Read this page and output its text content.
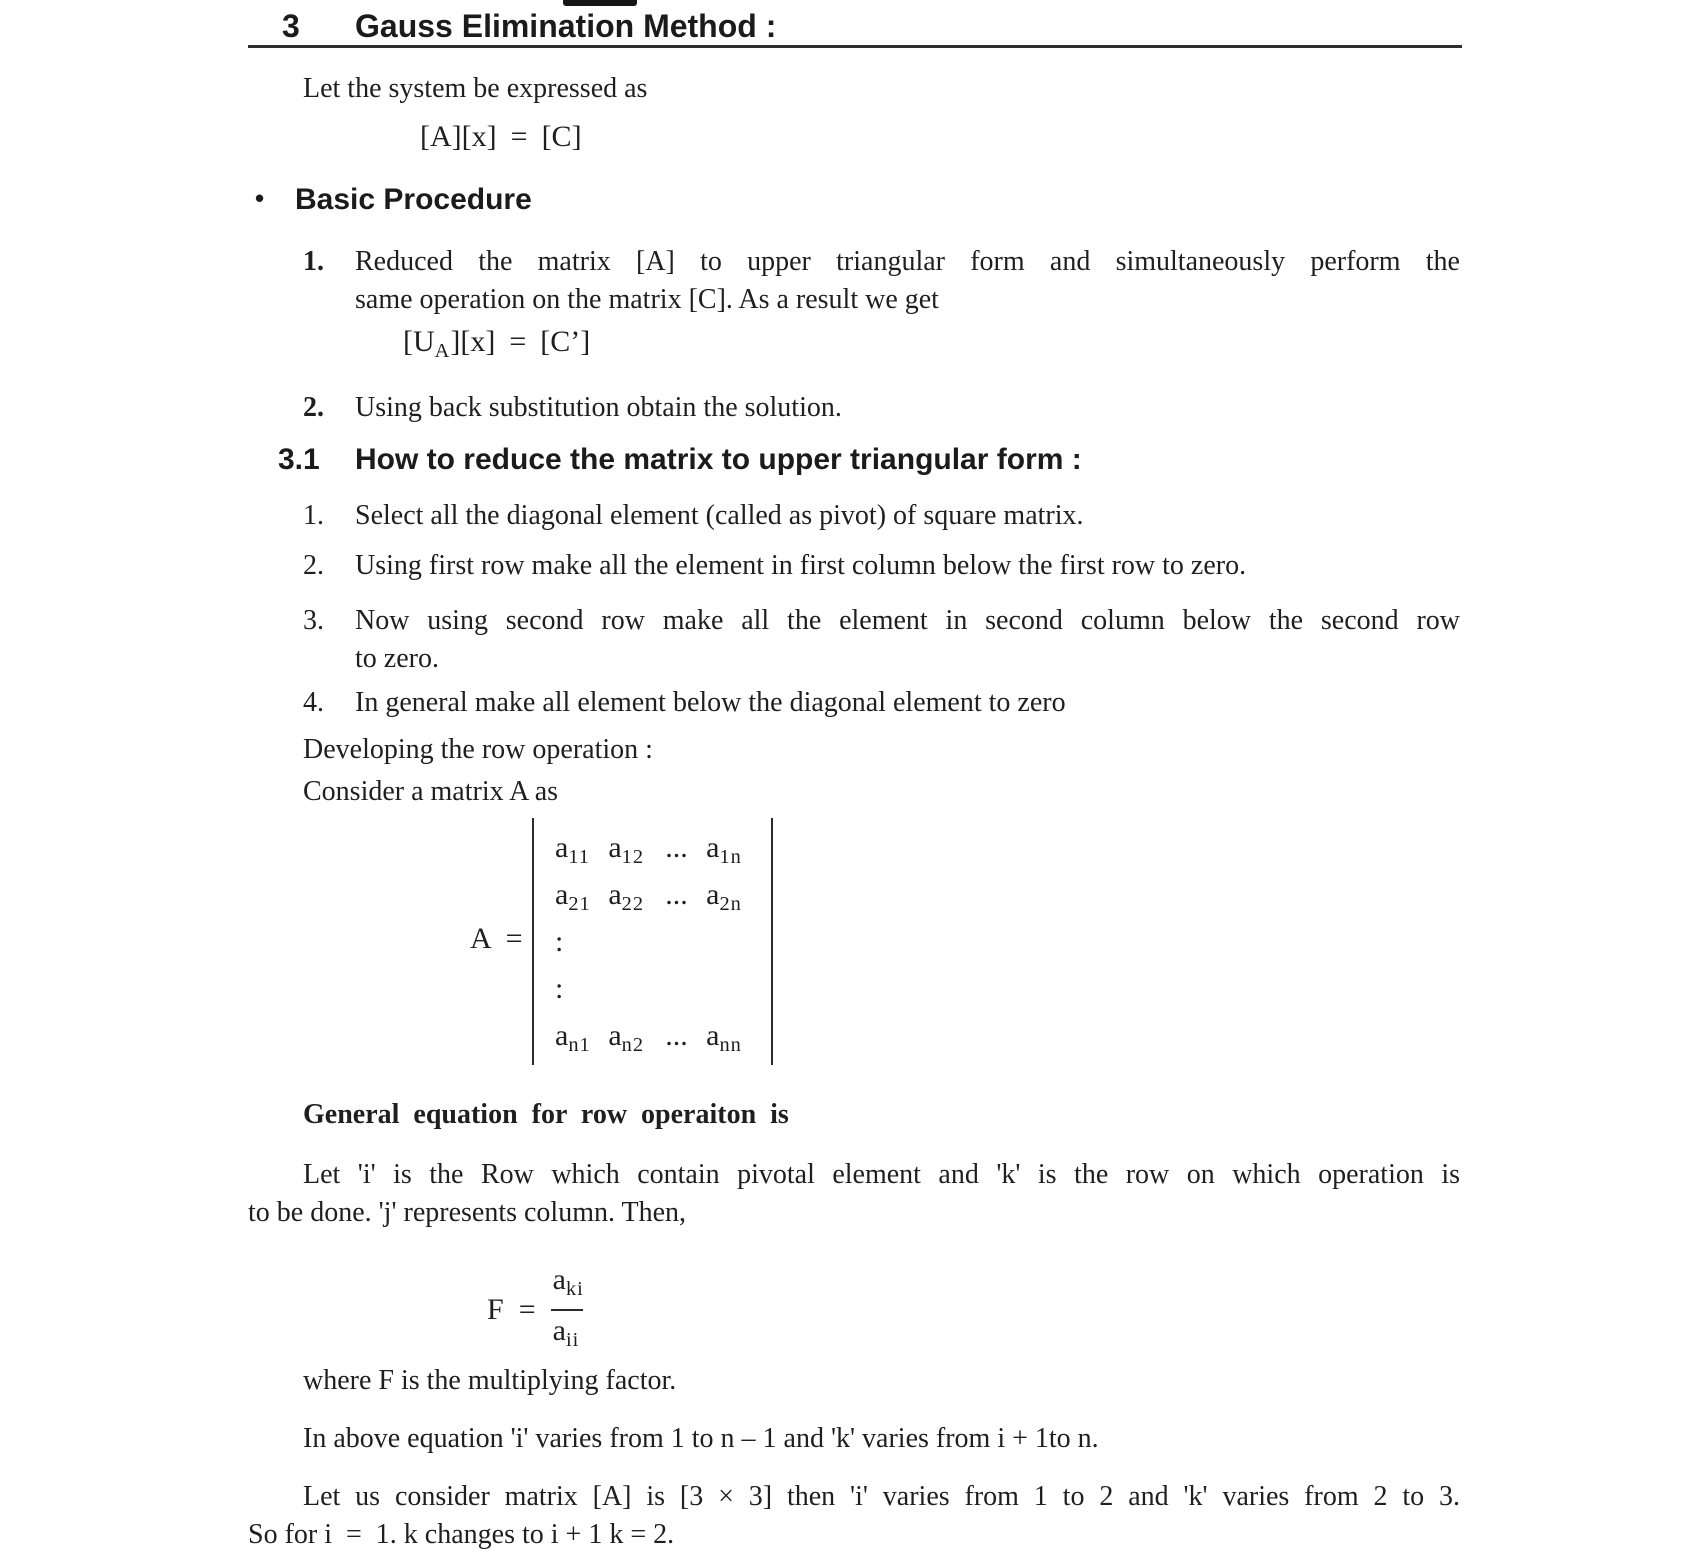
3 Gauss Elimination Method :

Let the system be expressed as

[A][x] = [C]
• Basic Procedure
1. Reduced the matrix [A] to upper triangular form and simultaneously perform the
same operation on the matrix [C]. As a result we get
$[U_A][x]$ = [C’]
2. Using back substitution obtain the solution.
3.1 How to reduce the matrix to upper triangular form :
1. Select all the diagonal element (called as pivot) of square matrix.
2. Using first row make all the element in first column below the first row to zero.
3. Now using second row make all the element in second column below the second row
to zero.
4. In general make all element below the diagonal element to zero

Developing the row operation :

Consider a matrix A as

A =
$a_{11}$ $a_{12}$ ... $a_{1n}$
$a_{21}$ $a_{22}$ ... $a_{2n}$
:
:
$a_{n1}$ $a_{n2}$ ... $a_{nn}$

General equation for row operaiton is

Let 'i' is the Row which contain pivotal element and 'k' is the row on which operation is
to be done. 'j' represents column. Then,
$F = \frac{a_{ki}}{a_{ii}}$

where F is the multiplying factor.

In above equation 'i' varies from 1 to n – 1 and 'k' varies from i + 1to n.

Let us consider matrix [A] is [3 × 3] then 'i' varies from 1 to 2 and 'k' varies from 2 to 3.
So for i  =  1. k changes to i + 1 k = 2.
